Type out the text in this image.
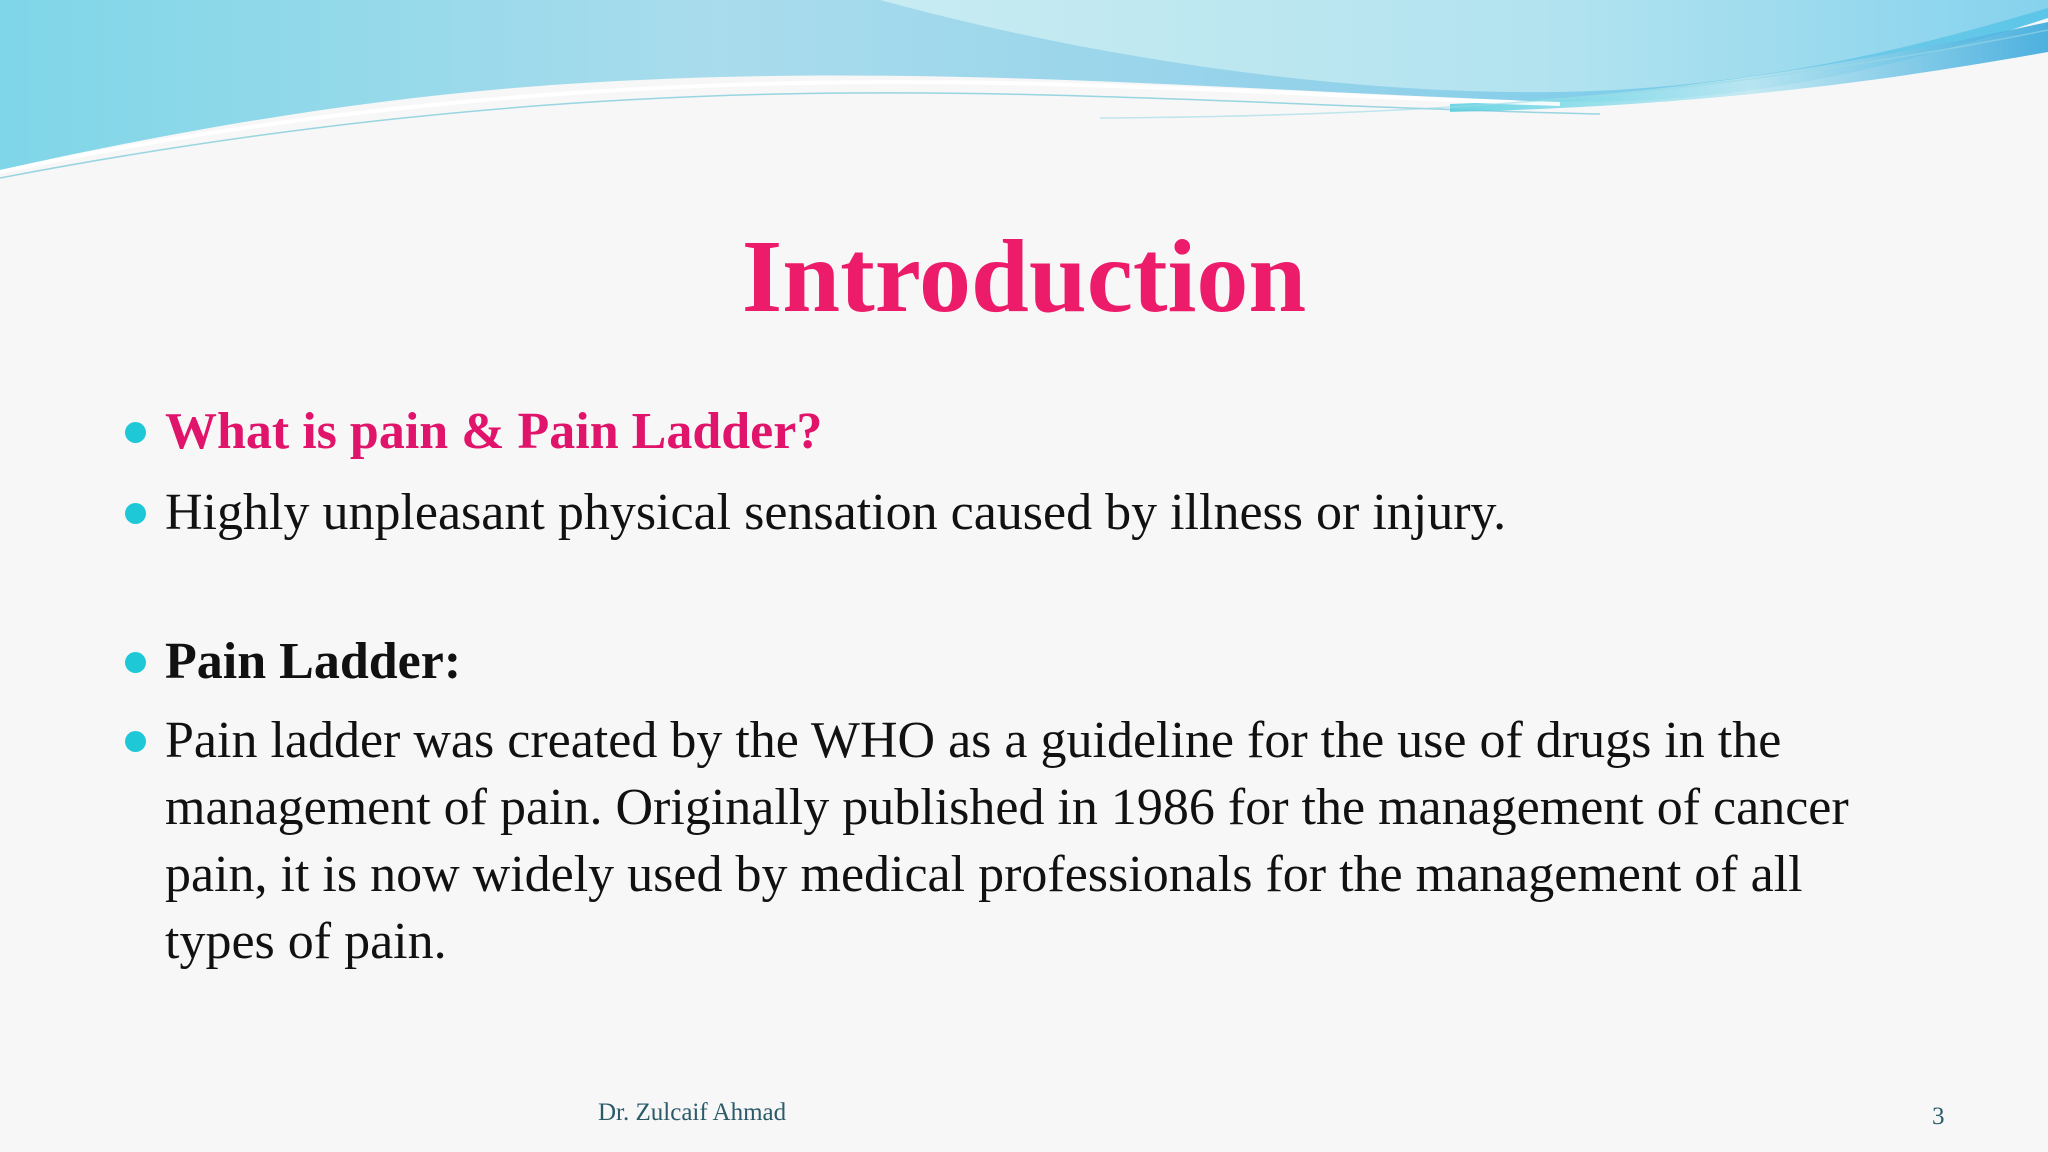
Introduction
What is pain & Pain Ladder?
Highly unpleasant physical sensation caused by illness or injury.
Pain Ladder:
Pain ladder was created by the WHO as a guideline for the use of drugs in the management of pain. Originally published in 1986 for the management of cancer pain, it is now widely used by medical professionals for the management of all types of pain.
Dr. Zulcaif Ahmad	3
